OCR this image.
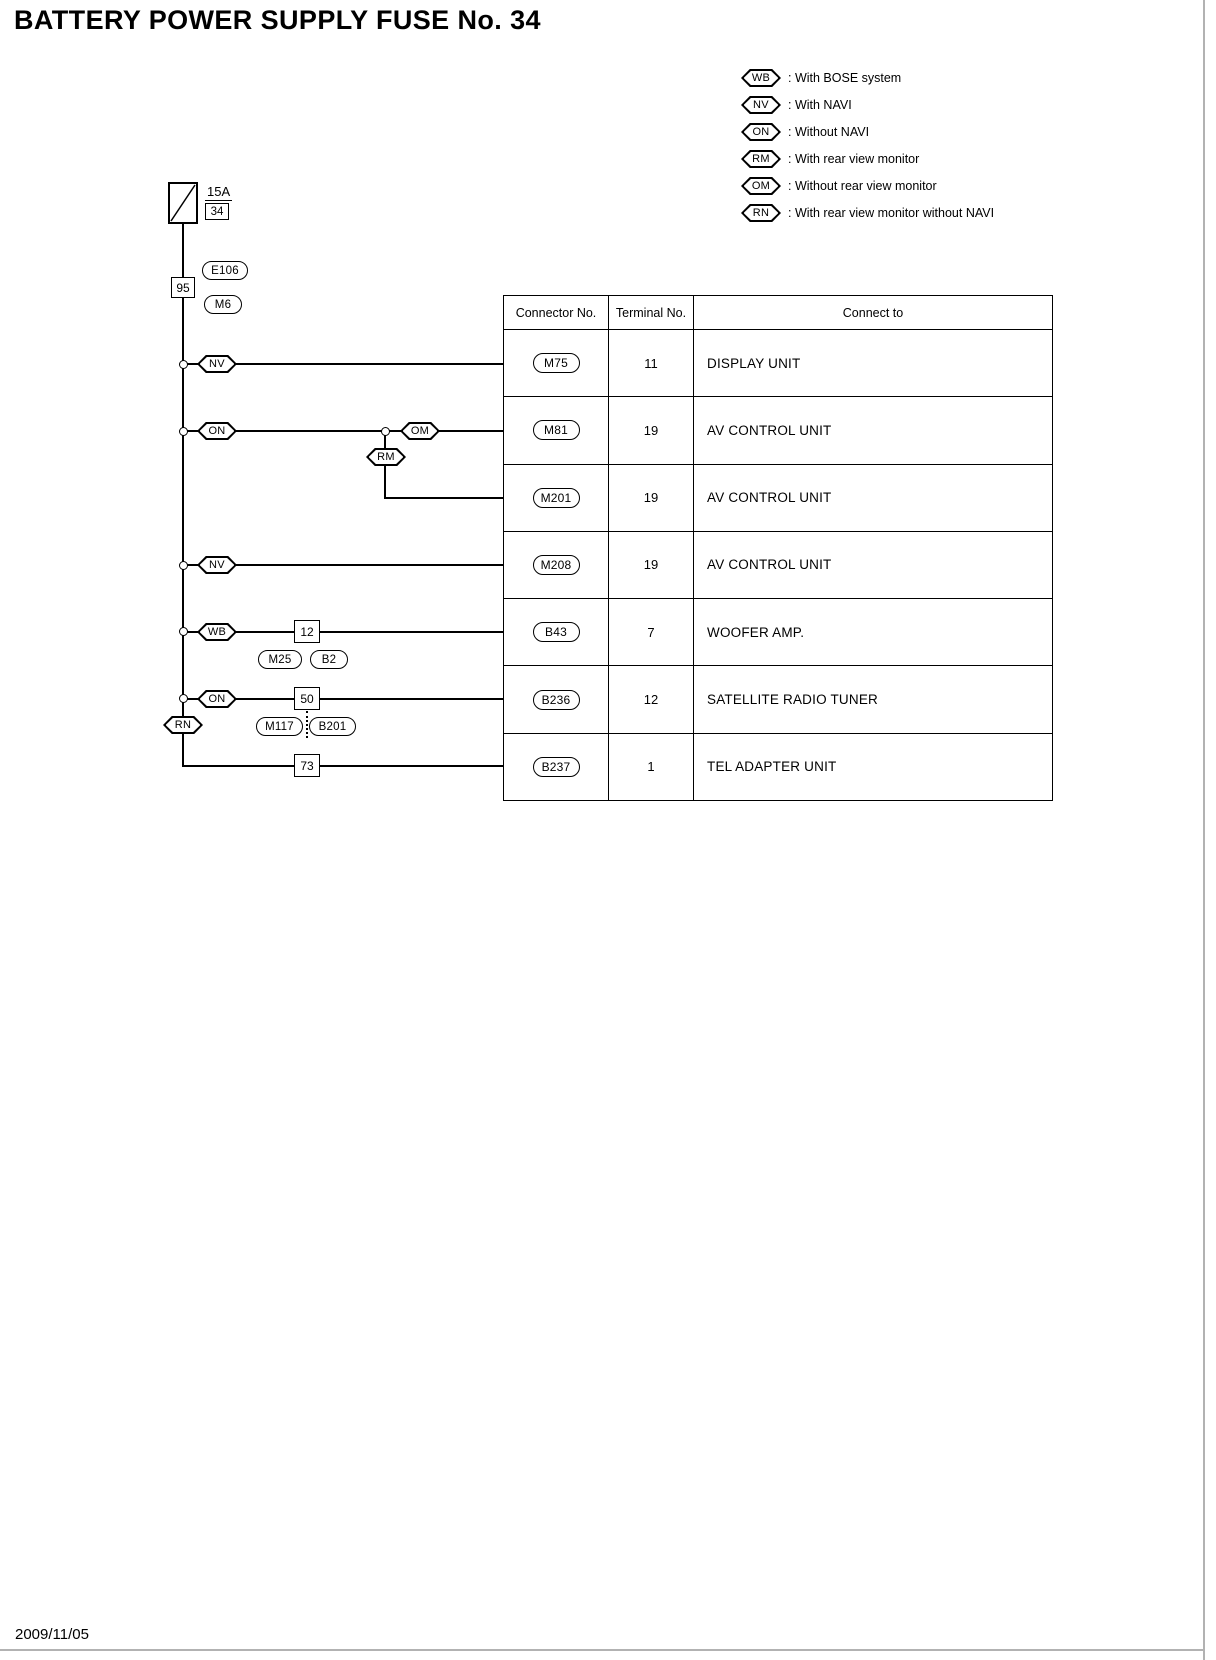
BATTERY POWER SUPPLY FUSE No. 34
WB	: With BOSE system
NV	: With NAVI
ON	: Without NAVI
RM	: With rear view monitor
OM	: Without rear view monitor
RN	: With rear view monitor without NAVI
15A
34
95
E106
M6
NV
ON	OM
RM
NV
WB
ON
RN
12
50
73
M25	B2
M117	B201
Connector No.	Terminal No.	Connect to
M75	11	DISPLAY UNIT
M81	19	AV CONTROL UNIT
M201	19	AV CONTROL UNIT
M208	19	AV CONTROL UNIT
B43	7	WOOFER AMP.
B236	12	SATELLITE RADIO TUNER
B237	1	TEL ADAPTER UNIT
2009/11/05
